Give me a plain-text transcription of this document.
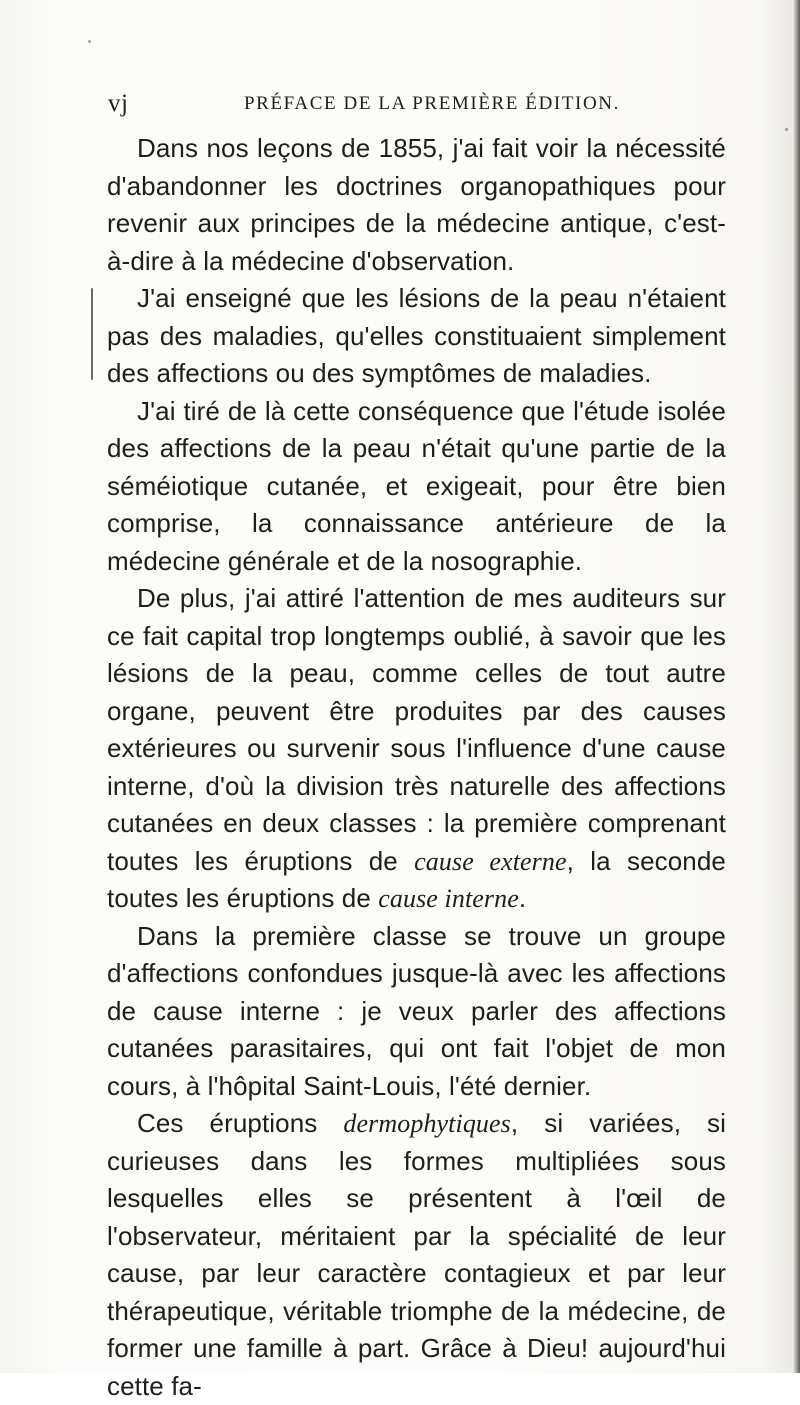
vj	PRÉFACE DE LA PREMIÈRE ÉDITION.

Dans nos leçons de 1855, j'ai fait voir la nécessité d'abandonner les doctrines organopathiques pour revenir aux principes de la médecine antique, c'est-à-dire à la médecine d'observation.

J'ai enseigné que les lésions de la peau n'étaient pas des maladies, qu'elles constituaient simplement des affections ou des symptômes de maladies.

J'ai tiré de là cette conséquence que l'étude isolée des affections de la peau n'était qu'une partie de la séméiotique cutanée, et exigeait, pour être bien comprise, la connaissance antérieure de la médecine générale et de la nosographie.

De plus, j'ai attiré l'attention de mes auditeurs sur ce fait capital trop longtemps oublié, à savoir que les lésions de la peau, comme celles de tout autre organe, peuvent être produites par des causes extérieures ou survenir sous l'influence d'une cause interne, d'où la division très naturelle des affections cutanées en deux classes : la première comprenant toutes les éruptions de cause externe, la seconde toutes les éruptions de cause interne.

Dans la première classe se trouve un groupe d'affections confondues jusque-là avec les affections de cause interne : je veux parler des affections cutanées parasitaires, qui ont fait l'objet de mon cours, à l'hôpital Saint-Louis, l'été dernier.

Ces éruptions dermophytiques, si variées, si curieuses dans les formes multipliées sous lesquelles elles se présentent à l'œil de l'observateur, méritaient par la spécialité de leur cause, par leur caractère contagieux et par leur thérapeutique, véritable triomphe de la médecine, de former une famille à part. Grâce à Dieu! aujourd'hui cette fa-
